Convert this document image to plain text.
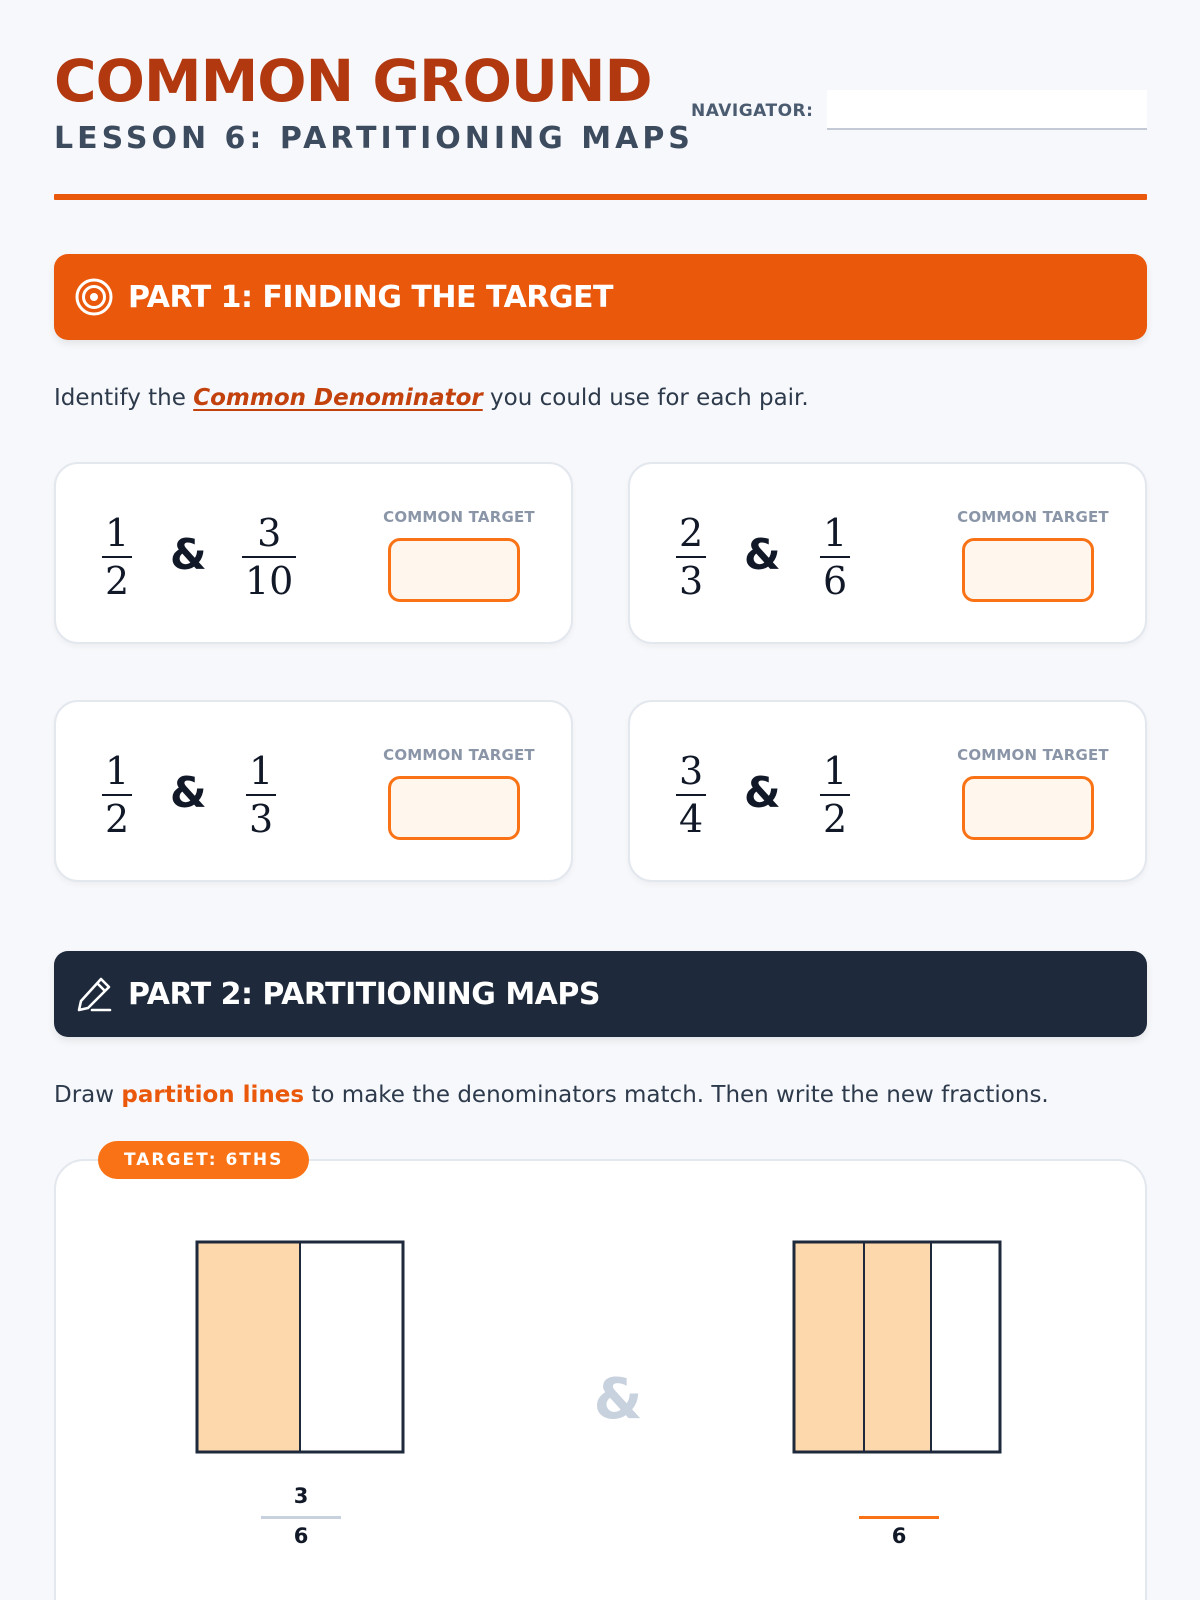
COMMON GROUND
LESSON 6: PARTITIONING MAPS
NAVIGATOR:
PART 1: FINDING THE TARGET
Identify the Common Denominator you could use for each pair.
1
2
& 3
10
COMMON TARGET	2
3
& 1
6
COMMON TARGET
1
2
& 1
3
COMMON TARGET	3
4
& 1
2
COMMON TARGET
PART 2: PARTITIONING MAPS
Draw partition lines to make the denominators match. Then write the new fractions.
TARGET: 6THS
&
3
6	6
